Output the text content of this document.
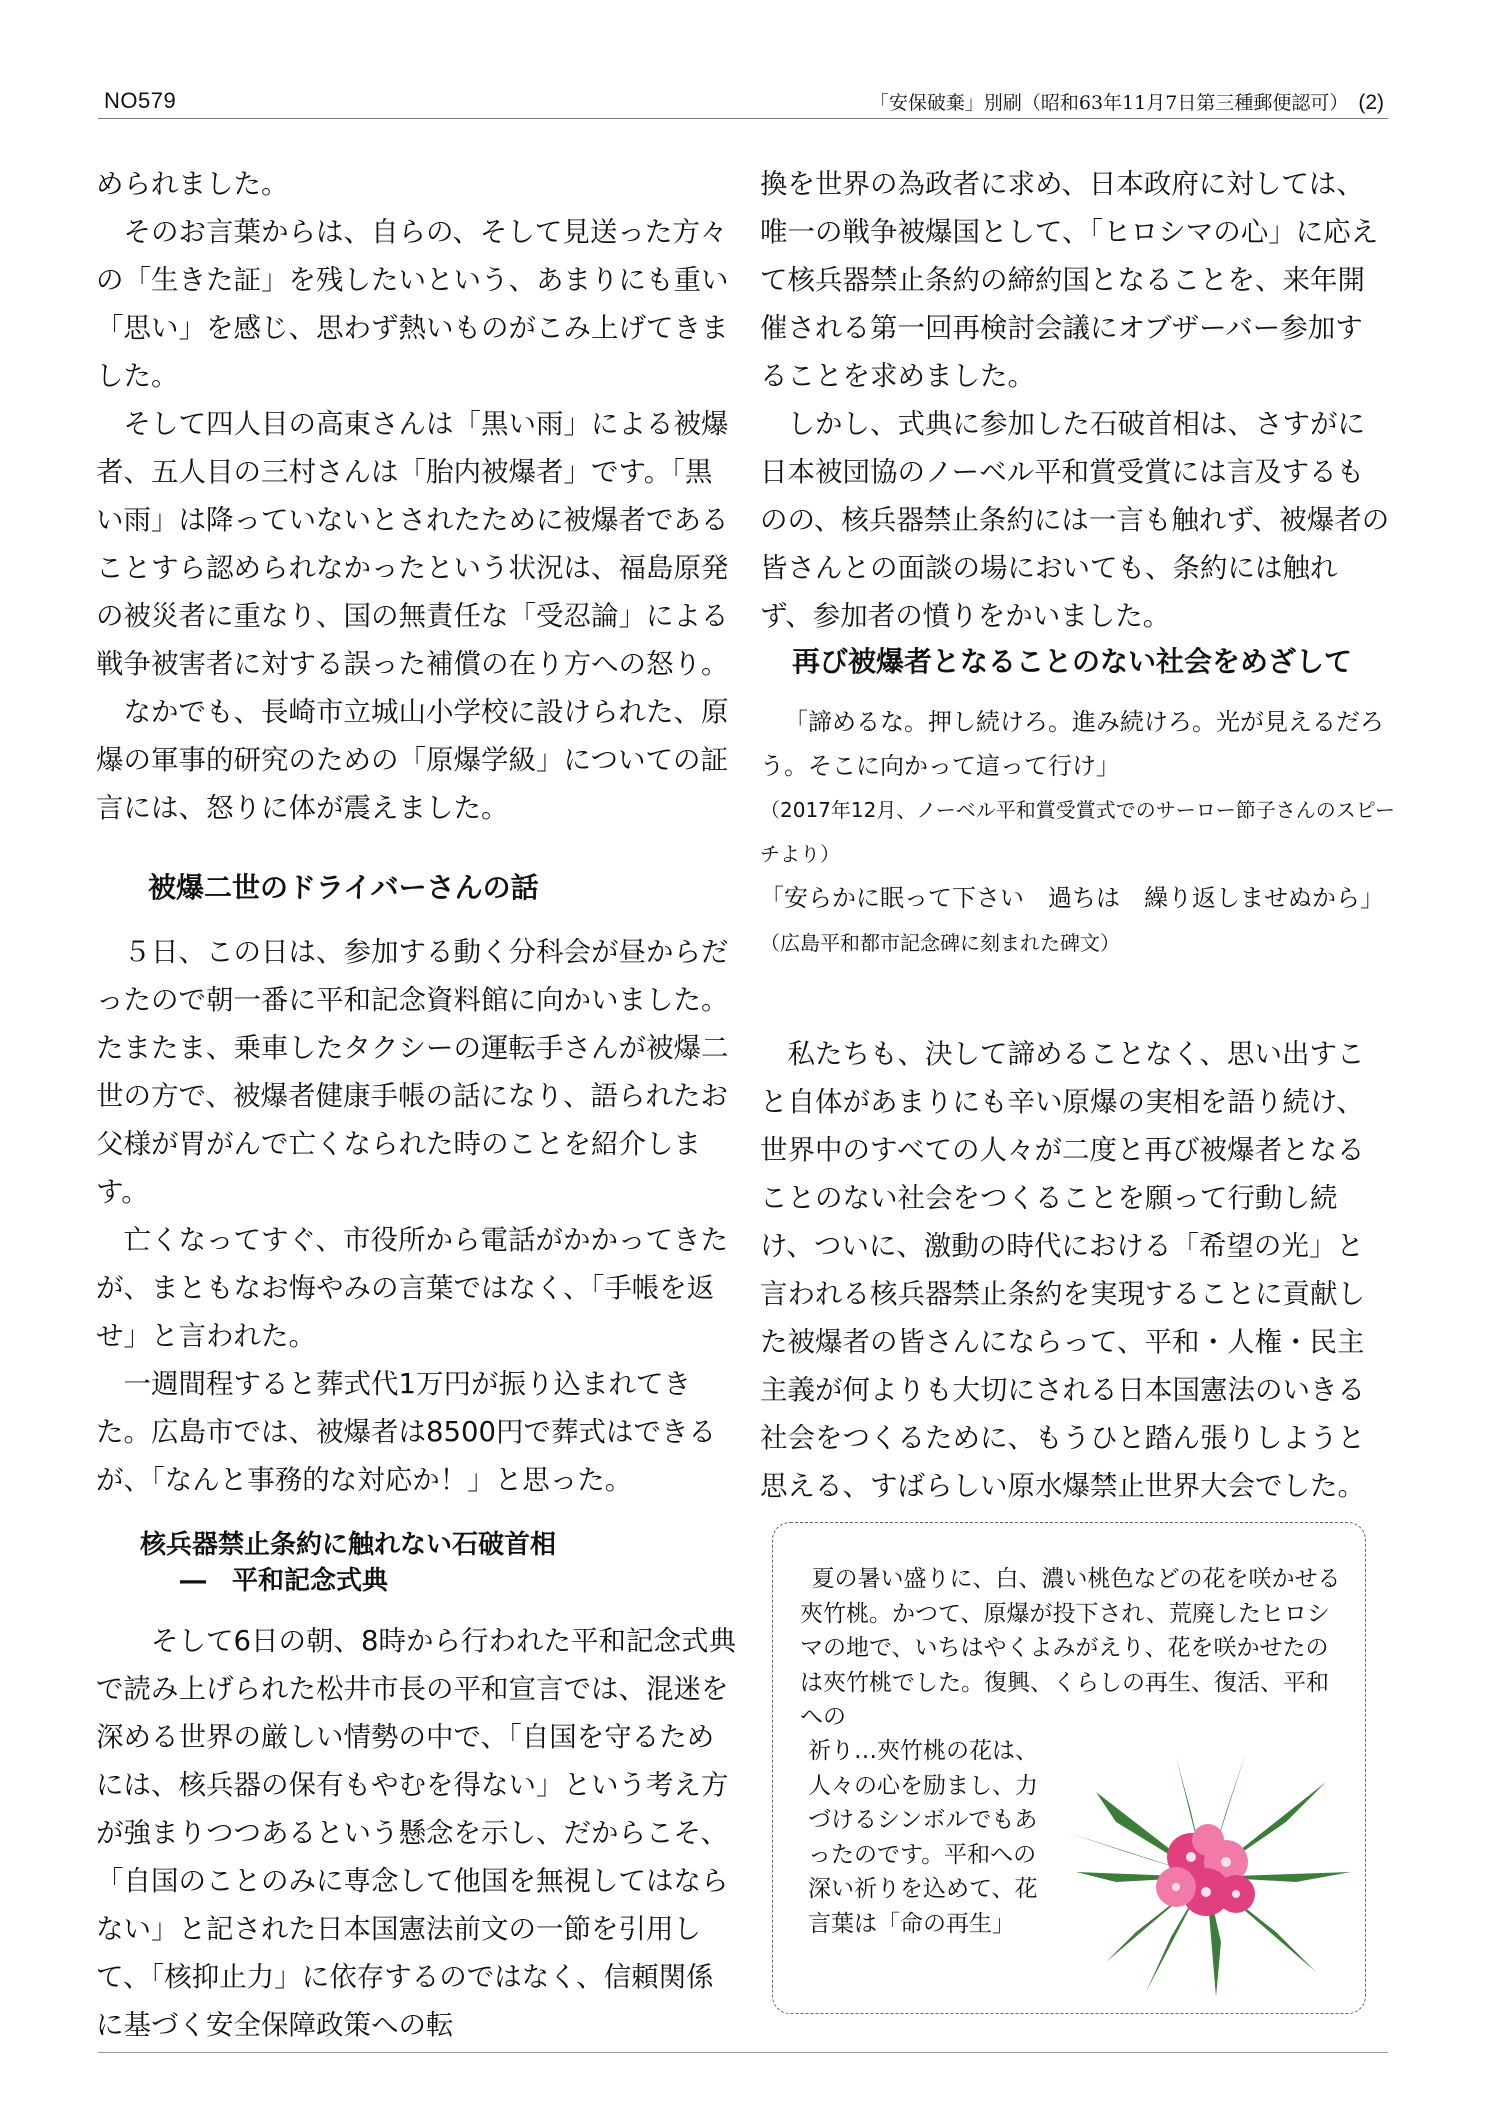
NO579	「安保破棄」別刷（昭和63年11月7日第三種郵便認可） (2)

められました。

そのお言葉からは、自らの、そして見送った方々の「生きた証」を残したいという、あまりにも重い「思い」を感じ、思わず熱いものがこみ上げてきました。

そして四人目の高東さんは「黒い雨」による被爆者、五人目の三村さんは「胎内被爆者」です。「黒い雨」は降っていないとされたために被爆者であることすら認められなかったという状況は、福島原発の被災者に重なり、国の無責任な「受忍論」による戦争被害者に対する誤った補償の在り方への怒り。

なかでも、長崎市立城山小学校に設けられた、原爆の軍事的研究のための「原爆学級」についての証言には、怒りに体が震えました。

被爆二世のドライバーさんの話

５日、この日は、参加する動く分科会が昼からだったので朝一番に平和記念資料館に向かいました。たまたま、乗車したタクシーの運転手さんが被爆二世の方で、被爆者健康手帳の話になり、語られたお父様が胃がんで亡くなられた時のことを紹介します。

亡くなってすぐ、市役所から電話がかかってきたが、まともなお悔やみの言葉ではなく、「手帳を返せ」と言われた。

一週間程すると葬式代1万円が振り込まれてきた。広島市では、被爆者は8500円で葬式はできるが、「なんと事務的な対応か！」と思った。

核兵器禁止条約に触れない石破首相
―　平和記念式典

そして6日の朝、8時から行われた平和記念式典で読み上げられた松井市長の平和宣言では、混迷を深める世界の厳しい情勢の中で、「自国を守るためには、核兵器の保有もやむを得ない」という考え方が強まりつつあるという懸念を示し、だからこそ、「自国のことのみに専念して他国を無視してはならない」と記された日本国憲法前文の一節を引用して、「核抑止力」に依存するのではなく、信頼関係に基づく安全保障政策への転

換を世界の為政者に求め、日本政府に対しては、唯一の戦争被爆国として、「ヒロシマの心」に応えて核兵器禁止条約の締約国となることを、来年開催される第一回再検討会議にオブザーバー参加することを求めました。

しかし、式典に参加した石破首相は、さすがに日本被団協のノーベル平和賞受賞には言及するものの、核兵器禁止条約には一言も触れず、被爆者の皆さんとの面談の場においても、条約には触れず、参加者の憤りをかいました。

再び被爆者となることのない社会をめざして

「諦めるな。押し続けろ。進み続けろ。光が見えるだろう。そこに向かって這って行け」

（2017年12月、ノーベル平和賞受賞式でのサーロー節子さんのスピーチより）

「安らかに眠って下さい　過ちは　繰り返しませぬから」（広島平和都市記念碑に刻まれた碑文）

私たちも、決して諦めることなく、思い出すこと自体があまりにも辛い原爆の実相を語り続け、世界中のすべての人々が二度と再び被爆者となることのない社会をつくることを願って行動し続け、ついに、激動の時代における「希望の光」と言われる核兵器禁止条約を実現することに貢献した被爆者の皆さんにならって、平和・人権・民主主義が何よりも大切にされる日本国憲法のいきる社会をつくるために、もうひと踏ん張りしようと思える、すばらしい原水爆禁止世界大会でした。

夏の暑い盛りに、白、濃い桃色などの花を咲かせる夾竹桃。かつて、原爆が投下され、荒廃したヒロシマの地で、いちはやくよみがえり、花を咲かせたのは夾竹桃でした。復興、くらしの再生、復活、平和への

祈り…夾竹桃の花は、人々の心を励まし、力づけるシンボルでもあったのです。平和への深い祈りを込めて、花言葉は「命の再生」
